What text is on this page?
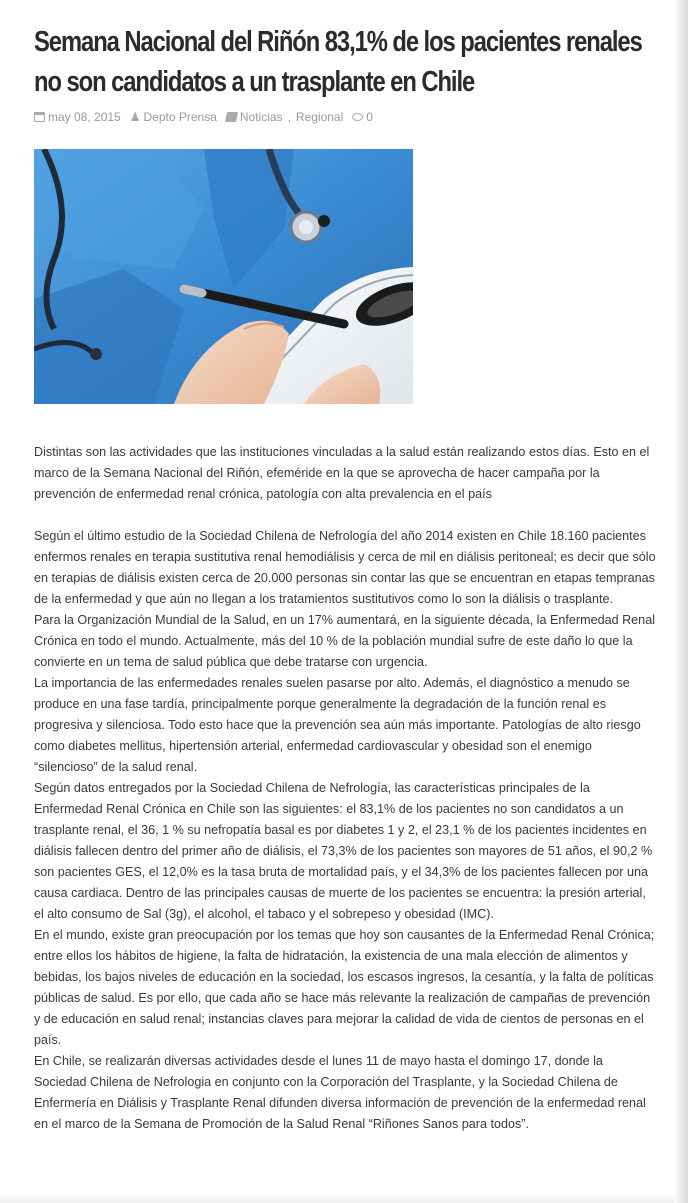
Semana Nacional del Riñón 83,1% de los pacientes renales no son candidatos a un trasplante en Chile
may 08, 2015 ♟ Depto Prensa Noticias , Regional 0

Distintas son las actividades que las instituciones vinculadas a la salud están realizando estos días. Esto en el marco de la Semana Nacional del Riñón, efeméride en la que se aprovecha de hacer campaña por la prevención de enfermedad renal crónica, patología con alta prevalencia en el país

Según el último estudio de la Sociedad Chilena de Nefrología del año 2014 existen en Chile 18.160 pacientes enfermos renales en terapia sustitutiva renal hemodiálisis y cerca de mil en diálisis peritoneal; es decir que sólo en terapias de diálisis existen cerca de 20.000 personas sin contar las que se encuentran en etapas tempranas de la enfermedad y que aún no llegan a los tratamientos sustitutivos como lo son la diálisis o trasplante.

Para la Organización Mundial de la Salud, en un 17% aumentará, en la siguiente década, la Enfermedad Renal Crónica en todo el mundo. Actualmente, más del 10 % de la población mundial sufre de este daño lo que la convierte en un tema de salud pública que debe tratarse con urgencia.

La importancia de las enfermedades renales suelen pasarse por alto. Además, el diagnóstico a menudo se produce en una fase tardía, principalmente porque generalmente la degradación de la función renal es progresiva y silenciosa. Todo esto hace que la prevención sea aún más importante. Patologías de alto riesgo como diabetes mellitus, hipertensión arterial, enfermedad cardiovascular y obesidad son el enemigo “silencioso” de la salud renal.

Según datos entregados por la Sociedad Chilena de Nefrología, las características principales de la Enfermedad Renal Crónica en Chile son las siguientes: el 83,1% de los pacientes no son candidatos a un trasplante renal, el 36, 1 % su nefropatía basal es por diabetes 1 y 2, el 23,1 % de los pacientes incidentes en diálisis fallecen dentro del primer año de diálisis, el 73,3% de los pacientes son mayores de 51 años, el 90,2 % son pacientes GES, el 12,0% es la tasa bruta de mortalidad país, y el 34,3% de los pacientes fallecen por una causa cardiaca. Dentro de las principales causas de muerte de los pacientes se encuentra: la presión arterial, el alto consumo de Sal (3g), el alcohol, el tabaco y el sobrepeso y obesidad (IMC).

En el mundo, existe gran preocupación por los temas que hoy son causantes de la Enfermedad Renal Crónica; entre ellos los hábitos de higiene, la falta de hidratación, la existencia de una mala elección de alimentos y bebidas, los bajos niveles de educación en la sociedad, los escasos ingresos, la cesantía, y la falta de políticas públicas de salud. Es por ello, que cada año se hace más relevante la realización de campañas de prevención y de educación en salud renal; instancias claves para mejorar la calidad de vida de cientos de personas en el país.

En Chile, se realizarán diversas actividades desde el lunes 11 de mayo hasta el domingo 17, donde la Sociedad Chilena de Nefrologia en conjunto con la Corporación del Trasplante, y la Sociedad Chilena de Enfermería en Diálisis y Trasplante Renal difunden diversa información de prevención de la enfermedad renal en el marco de la Semana de Promoción de la Salud Renal “Riñones Sanos para todos”.
